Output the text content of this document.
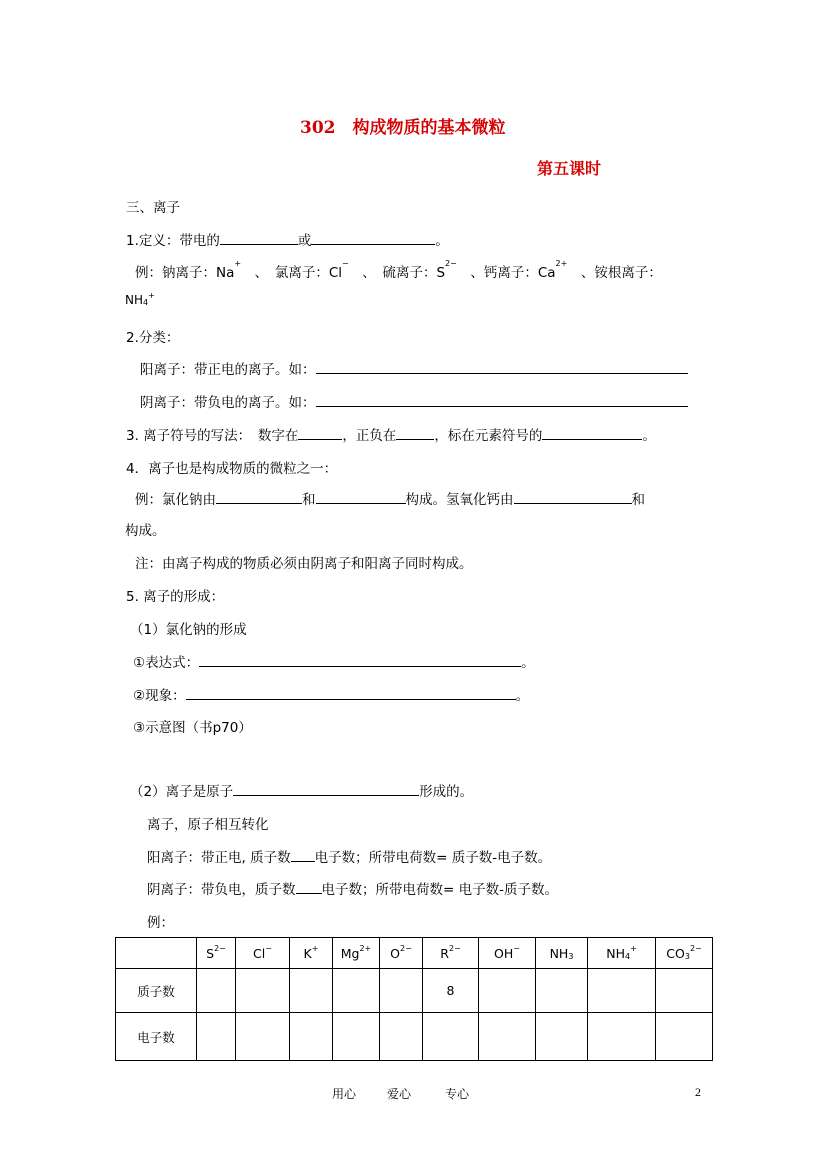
302　构成物质的基本微粒
第五课时
三、离子
1.定义：带电的	或	。
例：钠离子：Na+　、　氯离子：Cl−　、　硫离子：$S^{2-}$　、钙离子：$Ca^{2+}$　、铵根离子：
NH4+
2.分类：
阳离子：带正电的离子。如：
阴离子：带负电的离子。如：
3. 离子符号的写法：　数字在	，正负在	，标在元素符号的	。
4．离子也是构成物质的微粒之一：
例：氯化钠由	和	构成。氢氧化钙由	和
构成。
注：由离子构成的物质必须由阴离子和阳离子同时构成。
5. 离子的形成：
（1）氯化钠的形成
①表达式：	。
②现象：	。
③示意图（书p70）
（2）离子是原子	形成的。
离子，原子相互转化
阳离子：带正电, 质子数 电子数；所带电荷数= 质子数-电子数。
阴离子：带负电，质子数 电子数；所带电荷数= 电子数-质子数。
例：
	$S^{2-}$	Cl−	K+	$Mg^{2+}$	$O^{2-}$	$R^{2-}$	OH−	NH3	NH4+	$CO3^{2-}$
质子数						8				
电子数										
用心	爱心	专心	2
